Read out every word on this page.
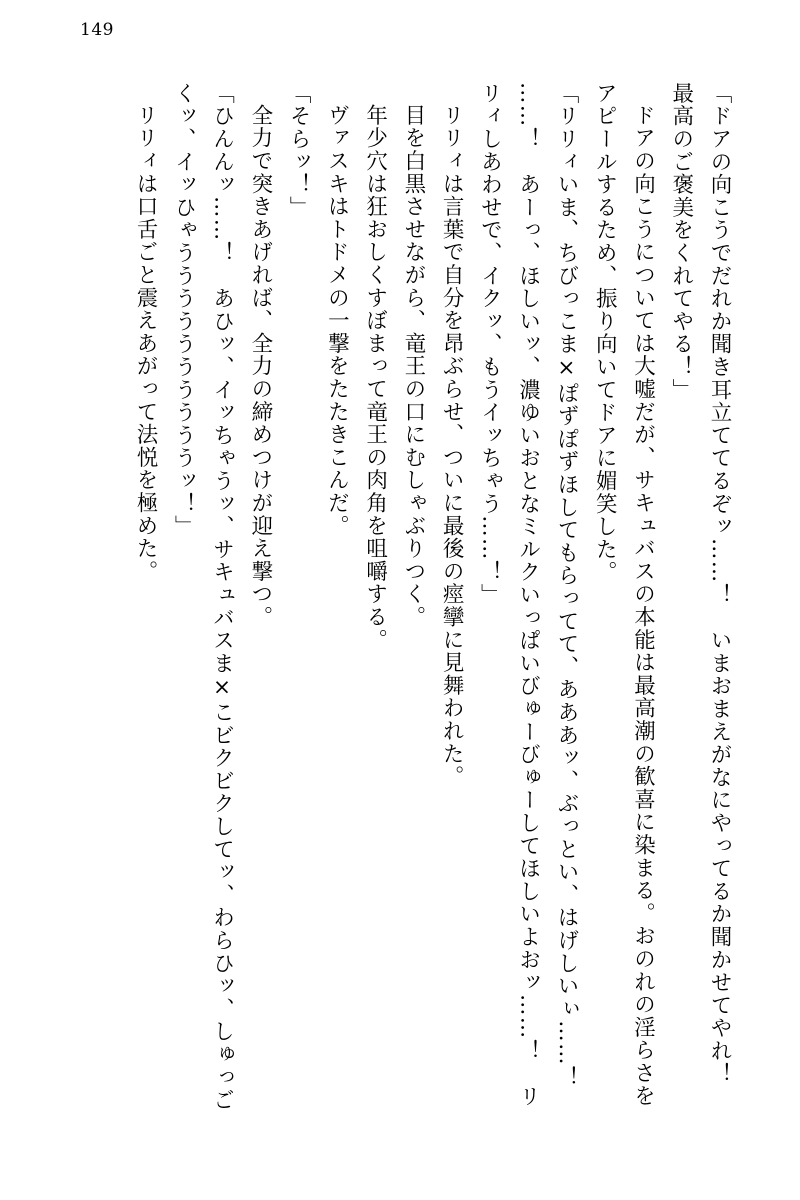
149

「ドアの向こうでだれか聞き耳立ててるぞッ……！　いまおまえがなにやってるか聞かせてやれ！　最高のご褒美をくれてやる！」

ドアの向こうについては大嘘だが、サキュバスの本能は最高潮の歓喜に染まる。おのれの淫らさをアピールするため、振り向いてドアに媚笑した。

「リリィいま、ちびっこま×ぽずぽずほしてもらってて、あああッ、ぶっとい、はげしいぃ……！

……！　あーっ、ほしいッ、濃ゆいおとなミルクいっぱいびゅーびゅーしてほしいよおッ……！　リリィしあわせで、イクッ、もうイッちゃう……！」

リリィは言葉で自分を昂ぶらせ、ついに最後の痙攣に見舞われた。

目を白黒させながら、竜王の口にむしゃぶりつく。

年少穴は狂おしくすぼまって竜王の肉角を咀嚼する。

ヴァスキはトドメの一撃をたたきこんだ。

「そらッ！」

全力で突きあげれば、全力の締めつけが迎え撃つ。

「ひんんッ……！　あひッ、イッちゃうッ、サキュバスま×こビクビクしてッ、わらひッ、しゅっごくッ、イッひゃううううううううううッ！」

リリィは口舌ごと震えあがって法悦を極めた。
